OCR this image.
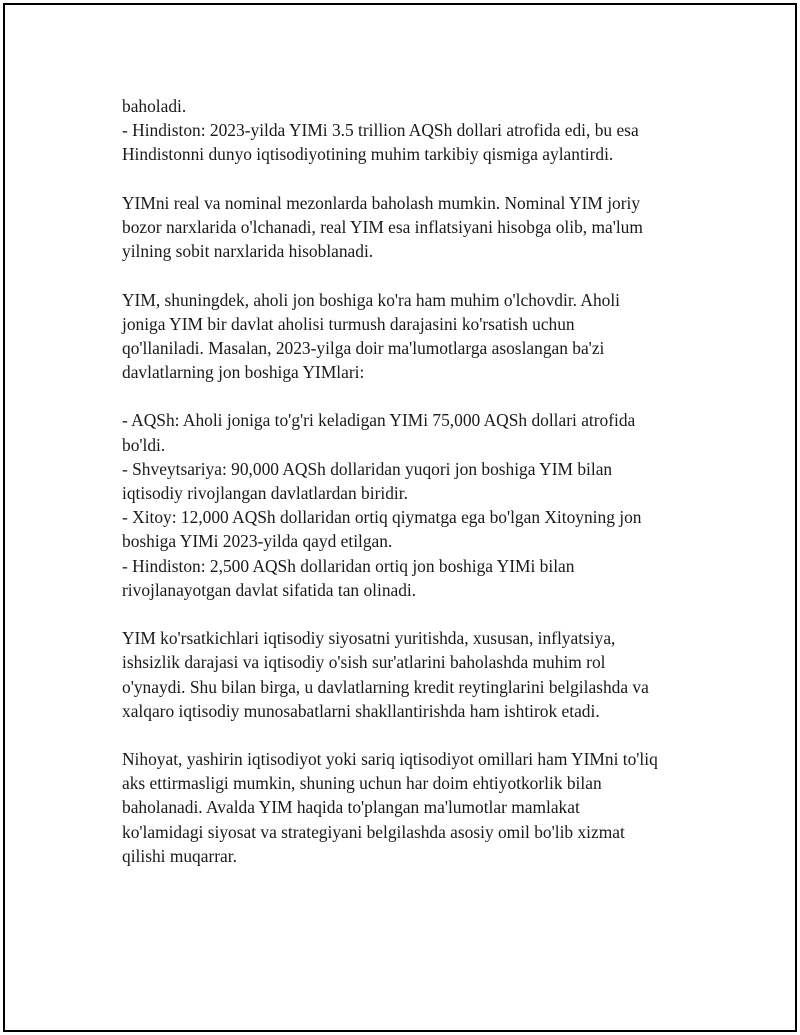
baholadi.
- Hindiston: 2023-yilda YIMi 3.5 trillion AQSh dollari atrofida edi, bu esa
Hindistonni dunyo iqtisodiyotining muhim tarkibiy qismiga aylantirdi.
YIMni real va nominal mezonlarda baholash mumkin. Nominal YIM joriy
bozor narxlarida o'lchanadi, real YIM esa inflatsiyani hisobga olib, ma'lum
yilning sobit narxlarida hisoblanadi.
YIM, shuningdek, aholi jon boshiga ko'ra ham muhim o'lchovdir. Aholi
joniga YIM bir davlat aholisi turmush darajasini ko'rsatish uchun
qo'llaniladi. Masalan, 2023-yilga doir ma'lumotlarga asoslangan ba'zi
davlatlarning jon boshiga YIMlari:
- AQSh: Aholi joniga to'g'ri keladigan YIMi 75,000 AQSh dollari atrofida
bo'ldi.
- Shveytsariya: 90,000 AQSh dollaridan yuqori jon boshiga YIM bilan
iqtisodiy rivojlangan davlatlardan biridir.
- Xitoy: 12,000 AQSh dollaridan ortiq qiymatga ega bo'lgan Xitoyning jon
boshiga YIMi 2023-yilda qayd etilgan.
- Hindiston: 2,500 AQSh dollaridan ortiq jon boshiga YIMi bilan
rivojlanayotgan davlat sifatida tan olinadi.
YIM ko'rsatkichlari iqtisodiy siyosatni yuritishda, xususan, inflyatsiya,
ishsizlik darajasi va iqtisodiy o'sish sur'atlarini baholashda muhim rol
o'ynaydi. Shu bilan birga, u davlatlarning kredit reytinglarini belgilashda va
xalqaro iqtisodiy munosabatlarni shakllantirishda ham ishtirok etadi.
Nihoyat, yashirin iqtisodiyot yoki sariq iqtisodiyot omillari ham YIMni to'liq
aks ettirmasligi mumkin, shuning uchun har doim ehtiyotkorlik bilan
baholanadi. Avalda YIM haqida to'plangan ma'lumotlar mamlakat
ko'lamidagi siyosat va strategiyani belgilashda asosiy omil bo'lib xizmat
qilishi muqarrar.
